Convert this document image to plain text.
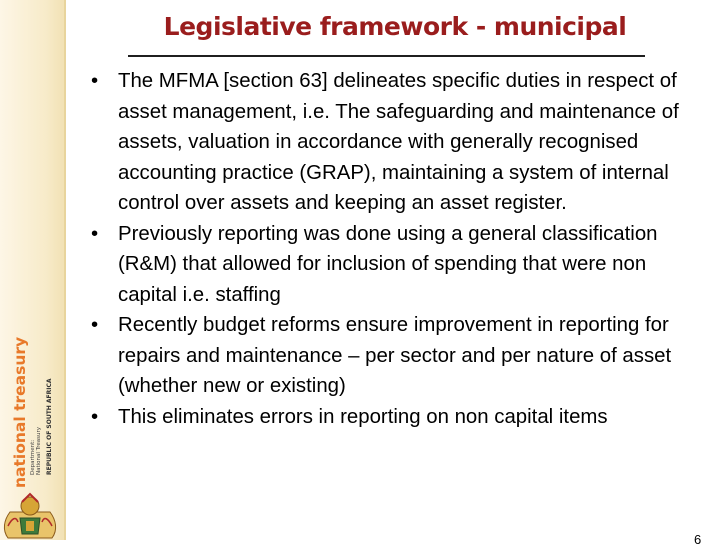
national treasury Department: National Treasury REPUBLIC OF SOUTH AFRICA
Legislative framework - municipal
• The MFMA [section 63] delineates specific duties in respect of asset management, i.e. The safeguarding and maintenance of assets, valuation in accordance with generally recognised accounting practice (GRAP), maintaining a system of internal control over assets and keeping an asset register.
• Previously reporting was done using a general classification (R&M) that allowed for inclusion of spending that were non capital i.e. staffing
• Recently budget reforms ensure improvement in reporting for repairs and maintenance – per sector and per nature of asset (whether new or existing)
• This eliminates errors in reporting on non capital items
6
